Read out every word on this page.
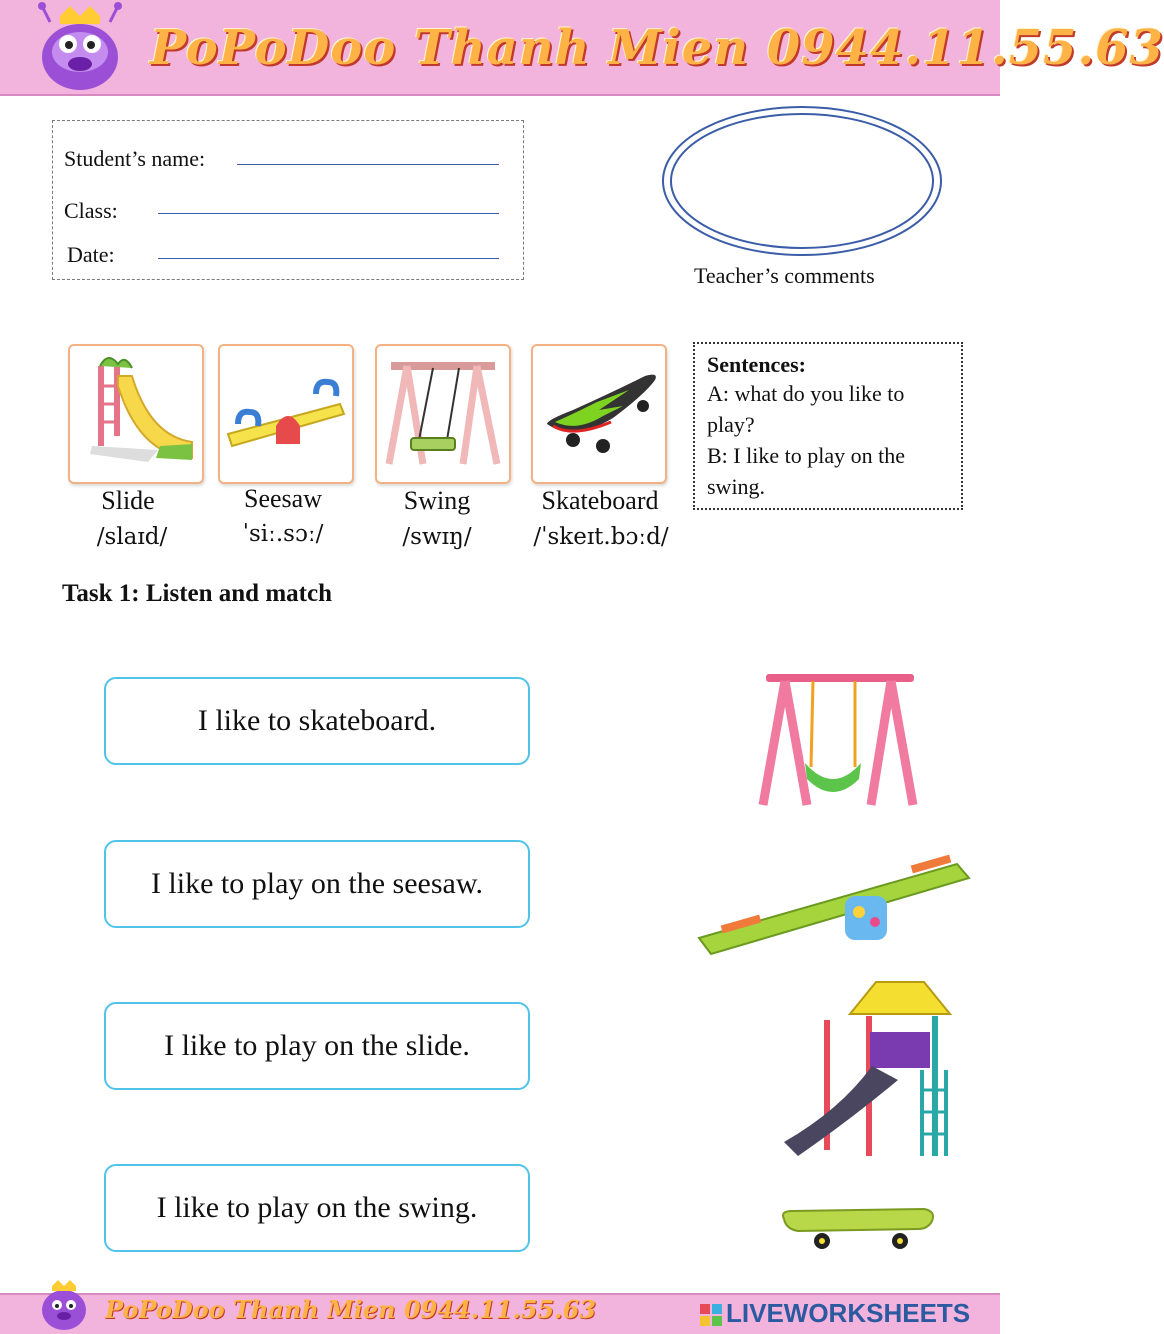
PoPoDoo Thanh Mien 0944.11.55.63
Student’s name:
Class:
Date:
Teacher’s comments
Slide
/slaɪd/
Seesaw
ˈsiː.sɔː/
Swing
/swɪŋ/
Skateboard
/ˈskeɪt.bɔːd/
Sentences:
A: what do you like to
play?
B: I like to play on the
swing.
Task 1: Listen and match
I like to skateboard.
I like to play on the seesaw.
I like to play on the slide.
I like to play on the swing.
PoPoDoo Thanh Mien 0944.11.55.63	LIVEWORKSHEETS
